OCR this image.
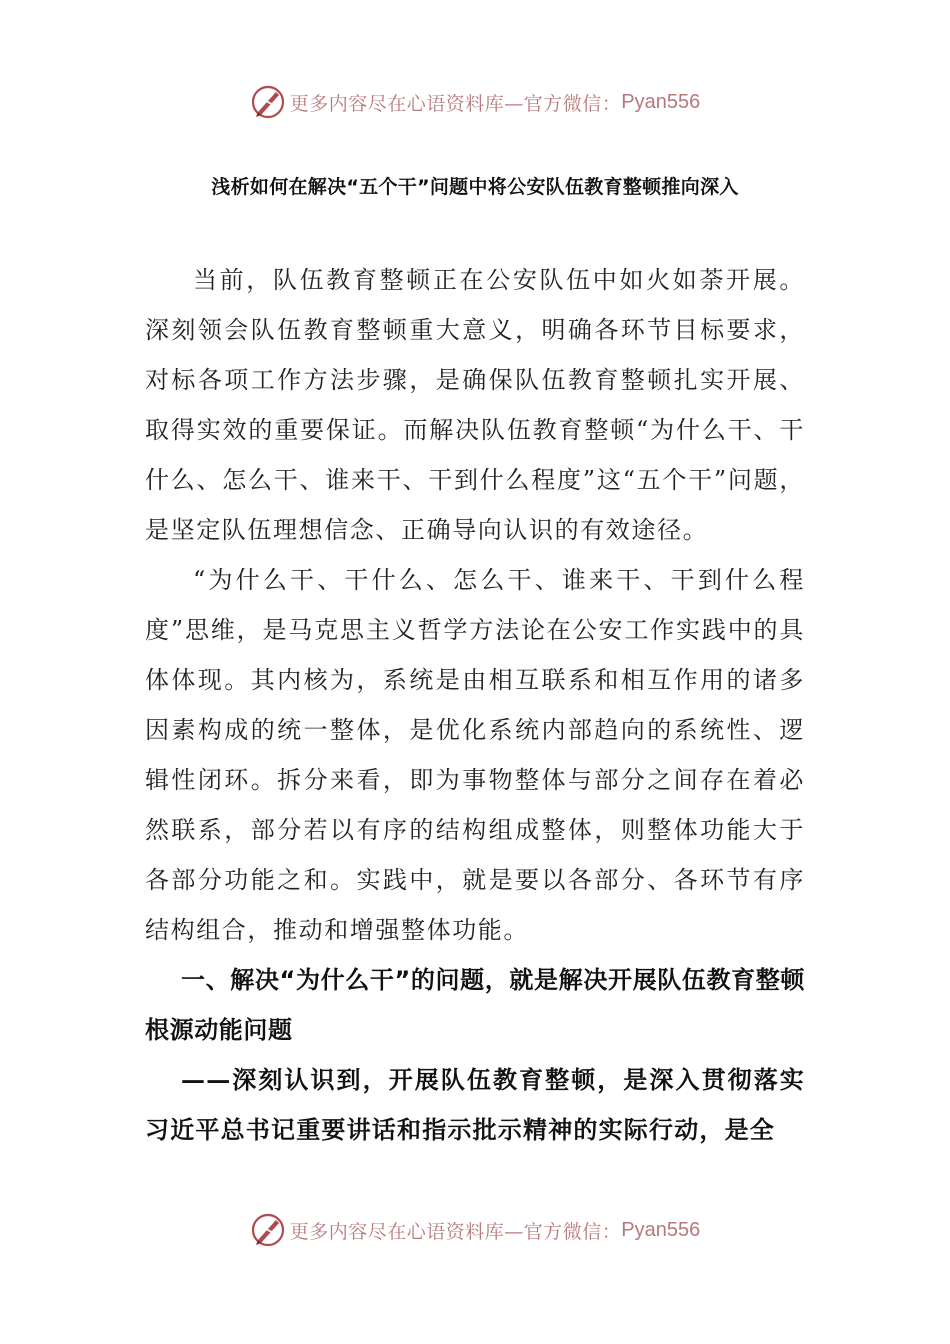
更多内容尽在心语资料库—官方微信： Pyan556
浅析如何在解决“五个干”问题中将公安队伍教育整顿推向深入

当前，队伍教育整顿正在公安队伍中如火如荼开展。深刻领会队伍教育整顿重大意义，明确各环节目标要求，对标各项工作方法步骤，是确保队伍教育整顿扎实开展、取得实效的重要保证。而解决队伍教育整顿“为什么干、干什么、怎么干、谁来干、干到什么程度”这“五个干”问题，是坚定队伍理想信念、正确导向认识的有效途径。

“为什么干、干什么、怎么干、谁来干、干到什么程度”思维，是马克思主义哲学方法论在公安工作实践中的具体体现。其内核为，系统是由相互联系和相互作用的诸多因素构成的统一整体，是优化系统内部趋向的系统性、逻辑性闭环。拆分来看，即为事物整体与部分之间存在着必然联系，部分若以有序的结构组成整体，则整体功能大于各部分功能之和。实践中，就是要以各部分、各环节有序结构组合，推动和增强整体功能。

一、解决“为什么干”的问题，就是解决开展队伍教育整顿根源动能问题

——深刻认识到，开展队伍教育整顿，是深入贯彻落实习近平总书记重要讲话和指示批示精神的实际行动，是全

更多内容尽在心语资料库—官方微信： Pyan556
